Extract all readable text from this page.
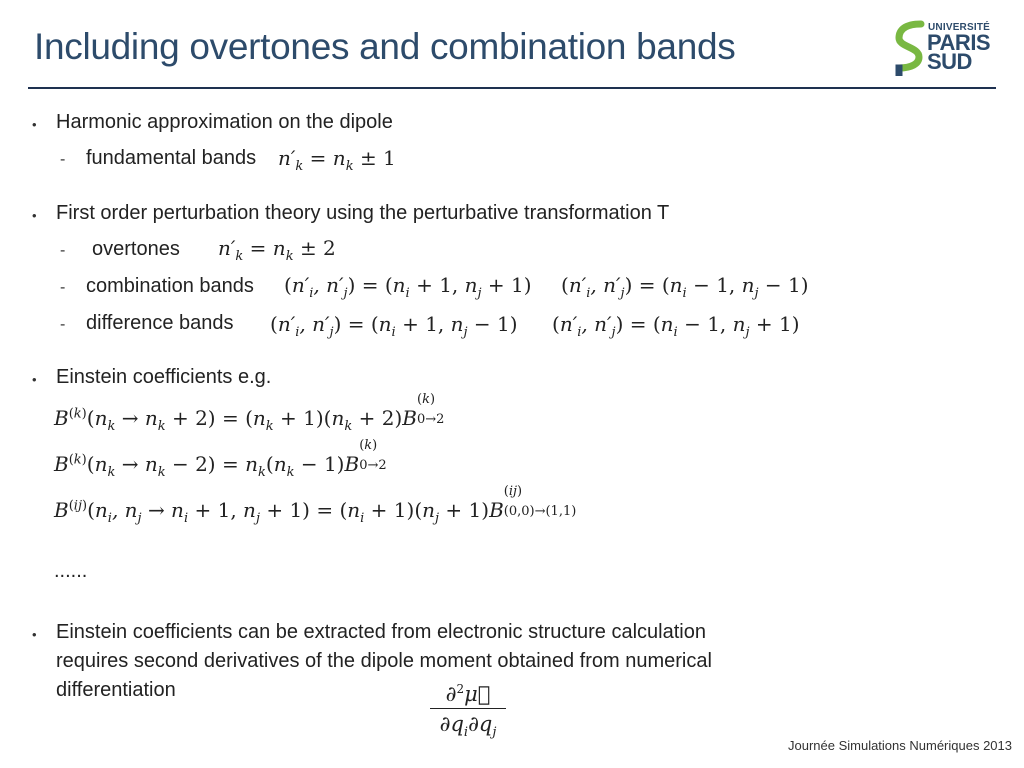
Including overtones and combination bands	UNIVERSITÉ
PARIS
SUD
• Harmonic approximation on the dipole
- fundamental bands $n'_k = n_k \pm 1$
• First order perturbation theory using the perturbative transformation T
- overtones $n'_k = n_k \pm 2$
- combination bands ($n'_i$, $n'_j) = (n_i + 1$, $n_j + 1$) ($n'_i$, $n'_j) = (n_i - 1$, $n_j - 1$)
- difference bands ($n'_i$, $n'_j) = (n_i + 1$, $n_j - 1$) ($n'_i$, $n'_j) = (n_i - 1$, $n_j + 1$)
• Einstein coefficients e.g.
$B^{(k)}(n_k \to n_k + 2) = (n_k + 1)(n_k + 2)B$
(k)
0→2

$B^{(k)}(n_k \to n_k - 2) = n_k(n_k - 1)B$
(k)
0→2

$B^{(ij)}(n_i$, $n_j \to n_i + 1$, $n_j + 1) = (n_i + 1)(n_j + 1)B$
(ij)
(0,0)→(1,1)

......
• Einstein coefficients can be extracted from electronic structure calculation
requires second derivatives of the dipole moment obtained from numerical
differentiation	∂$^2$μ⃗
$\partial q_i\partial q_j$
Journée Simulations Numériques 2013
